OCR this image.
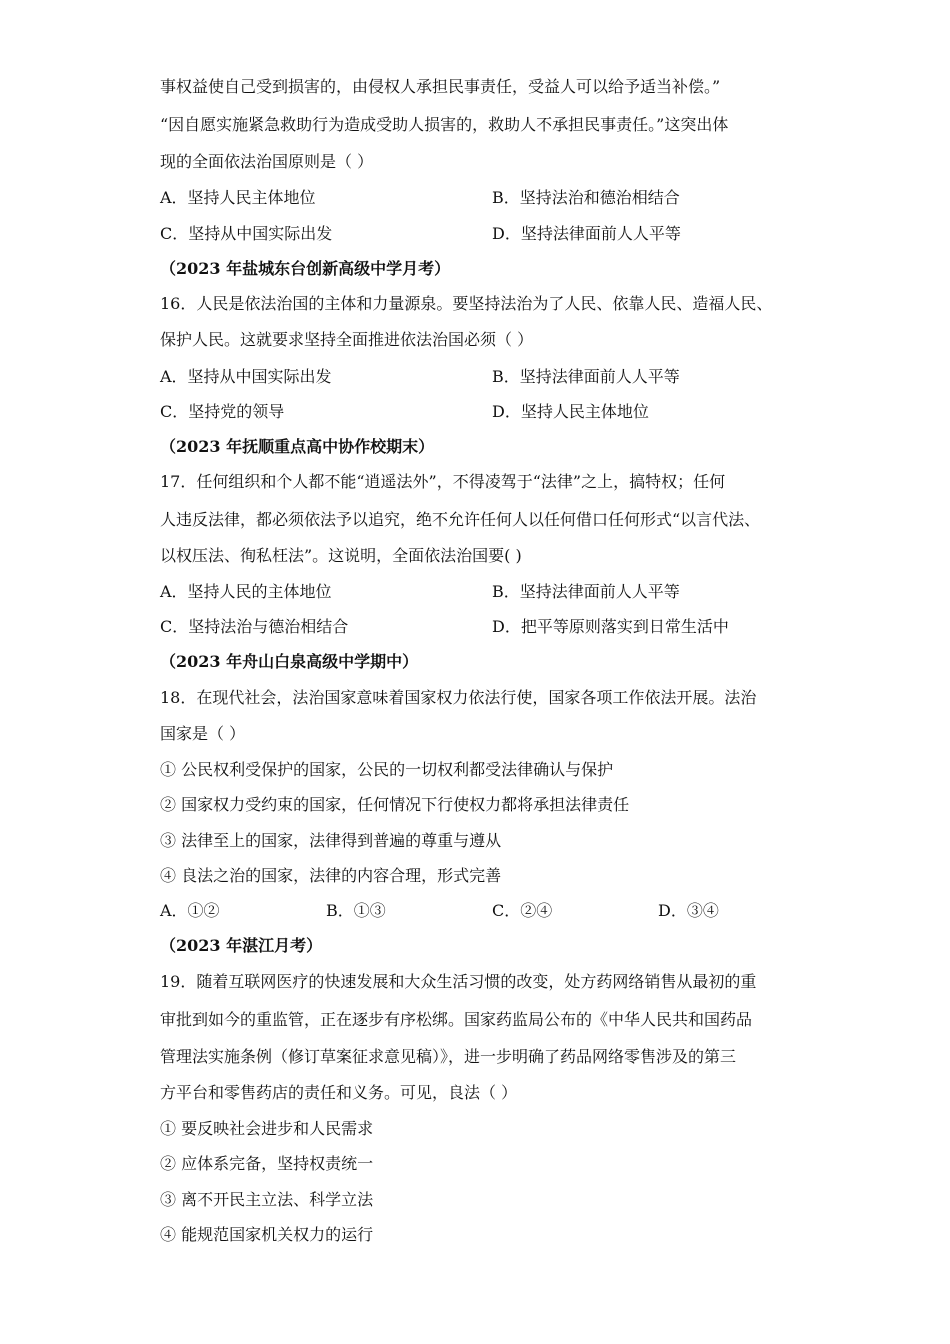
事权益使自己受到损害的，由侵权人承担民事责任，受益人可以给予适当补偿。”
“因自愿实施紧急救助行为造成受助人损害的，救助人不承担民事责任。”这突出体
现的全面依法治国原则是（ ）
A．坚持人民主体地位	B．坚持法治和德治相结合
C．坚持从中国实际出发	D．坚持法律面前人人平等
（2023 年盐城东台创新高级中学月考）
16．人民是依法治国的主体和力量源泉。要坚持法治为了人民、依靠人民、造福人民、
保护人民。这就要求坚持全面推进依法治国必须（ ）
A．坚持从中国实际出发	B．坚持法律面前人人平等
C．坚持党的领导	D．坚持人民主体地位
（2023 年抚顺重点高中协作校期末）
17．任何组织和个人都不能“逍遥法外”，不得凌驾于“法律”之上，搞特权；任何
人违反法律，都必须依法予以追究，绝不允许任何人以任何借口任何形式“以言代法、
以权压法、徇私枉法”。这说明，全面依法治国要( )
A．坚持人民的主体地位	B．坚持法律面前人人平等
C．坚持法治与德治相结合	D．把平等原则落实到日常生活中
（2023 年舟山白泉高级中学期中）
18．在现代社会，法治国家意味着国家权力依法行使，国家各项工作依法开展。法治
国家是（ ）
① 公民权利受保护的国家，公民的一切权利都受法律确认与保护
② 国家权力受约束的国家，任何情况下行使权力都将承担法律责任
③ 法律至上的国家，法律得到普遍的尊重与遵从
④ 良法之治的国家，法律的内容合理，形式完善
A．①②	B．①③	C．②④	D．③④
（2023 年湛江月考）
19．随着互联网医疗的快速发展和大众生活习惯的改变，处方药网络销售从最初的重
审批到如今的重监管，正在逐步有序松绑。国家药监局公布的《中华人民共和国药品
管理法实施条例（修订草案征求意见稿）》，进一步明确了药品网络零售涉及的第三
方平台和零售药店的责任和义务。可见，良法（ ）
① 要反映社会进步和人民需求
② 应体系完备，坚持权责统一
③ 离不开民主立法、科学立法
④ 能规范国家机关权力的运行
